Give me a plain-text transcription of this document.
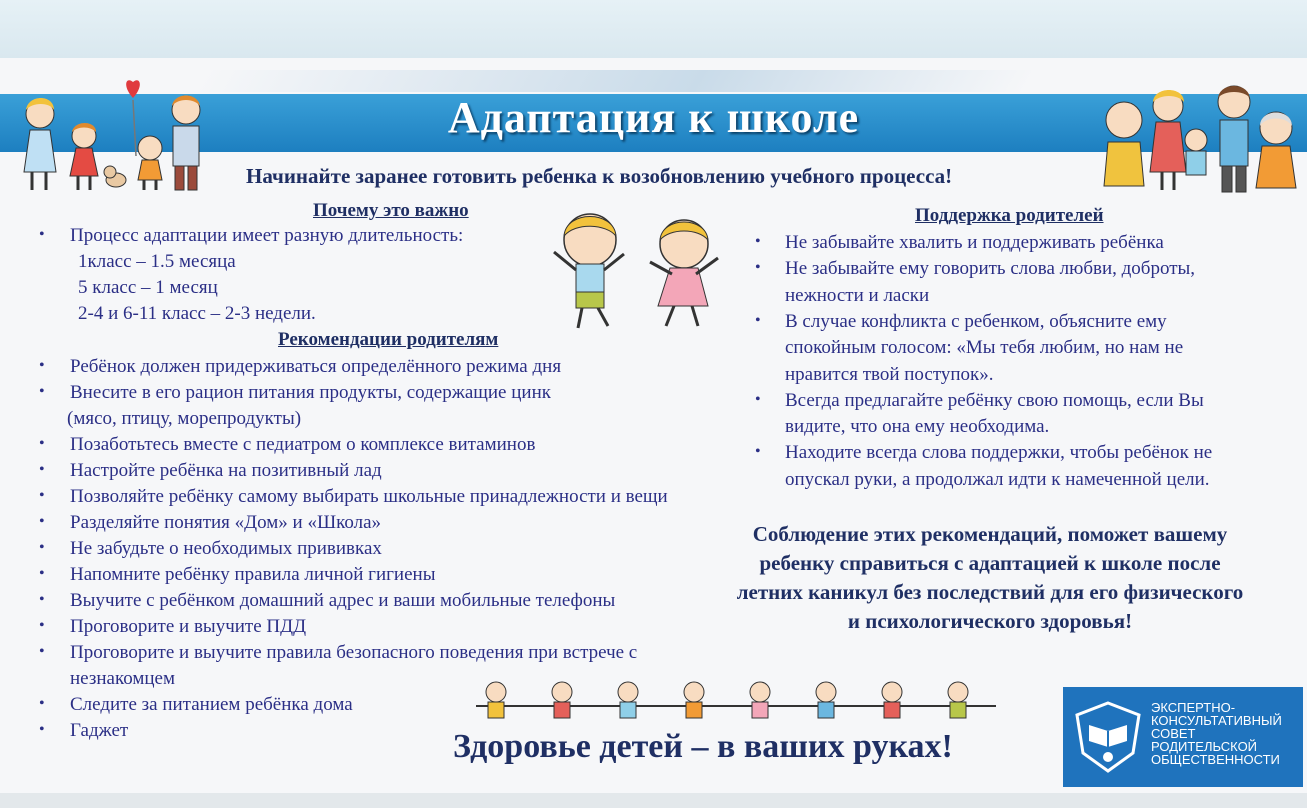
Адаптация к школе
Начинайте заранее готовить ребенка к возобновлению учебного процесса!
Почему это важно
• Процесс адаптации имеет разную длительность:
1класс – 1.5 месяца
5 класс – 1 месяц
2-4 и 6-11 класс – 2-3 недели.
Рекомендации родителям
Поддержка родителей
Соблюдение этих рекомендаций, поможет вашему
ребенку справиться с адаптацией к школе после
летних каникул без последствий для его физического
и психологического здоровья!
Здоровье детей – в ваших руках!
ЭКСПЕРТНО-
КОНСУЛЬТАТИВНЫЙ
СОВЕТ
РОДИТЕЛЬСКОЙ
ОБЩЕСТВЕННОСТИ
• Ребёнок должен придерживаться определённого режима дня
• Внесите в его рацион питания продукты, содержащие цинк
(мясо, птицу, морепродукты)
• Позаботьтесь вместе с педиатром о комплексе витаминов
• Настройте ребёнка на позитивный лад
• Позволяйте ребёнку самому выбирать школьные принадлежности и вещи
• Разделяйте понятия «Дом» и «Школа»
• Не забудьте о необходимых прививках
• Напомните ребёнку правила личной гигиены
• Выучите с ребёнком домашний адрес и ваши мобильные телефоны
• Проговорите и выучите ПДД
• Проговорите и выучите правила безопасного поведения при встрече с
незнакомцем
• Следите за питанием ребёнка дома
• Гаджет
• Не забывайте хвалить и поддерживать ребёнка
• Не забывайте ему говорить слова любви, доброты,
нежности и ласки
• В случае конфликта с ребенком, объясните ему
спокойным голосом: «Мы тебя любим, но нам не
нравится твой поступок».
• Всегда предлагайте ребёнку свою помощь, если Вы
видите, что она ему необходима.
• Находите всегда слова поддержки, чтобы ребёнок не
опускал руки, а продолжал идти к намеченной цели.
